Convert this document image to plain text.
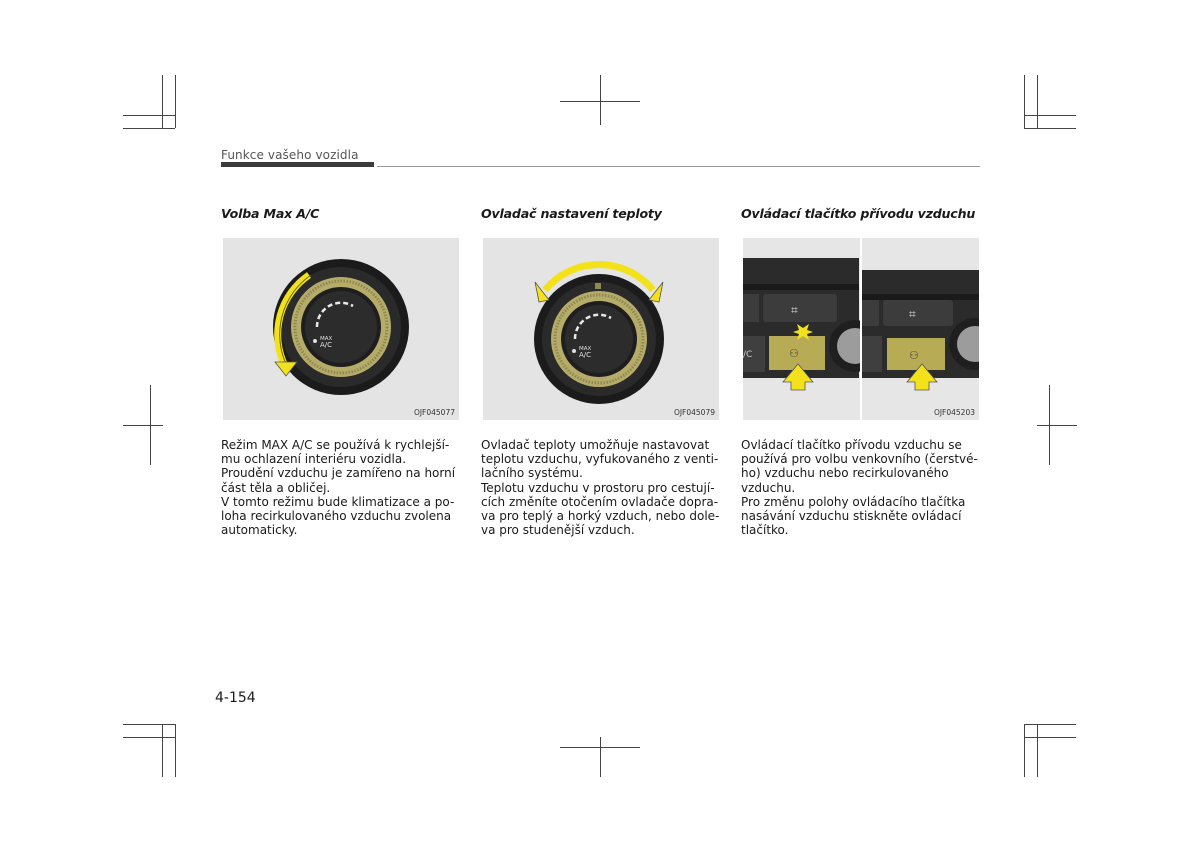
Funkce vašeho vozidla
Volba Max A/C
MAX
A/C
OJF045077

Režim MAX A/C se používá k rychlejší-
mu ochlazení interiéru vozidla.
Proudění vzduchu je zamířeno na horní
část těla a obličej.
V tomto režimu bude klimatizace a po-
loha recirkulovaného vzduchu zvolena
automaticky.

Ovladač nastavení teploty
MAX
A/C
OJF045079

Ovladač teploty umožňuje nastavovat
teplotu vzduchu, vyfukovaného z venti-
lačního systému.
Teplotu vzduchu v prostoru pro cestují-
cích změníte otočením ovladače dopra-
va pro teplý a horký vzduch, nebo dole-
va pro studenější vzduch.

Ovládací tlačítko přívodu vzduchu
⌗
/C	⚇
⌗
⚇
OJF045203

Ovládací tlačítko přívodu vzduchu se
používá pro volbu venkovního (čerstvé-
ho) vzduchu nebo recirkulovaného
vzduchu.
Pro změnu polohy ovládacího tlačítka
nasávání vzduchu stiskněte ovládací
tlačítko.

4-154
